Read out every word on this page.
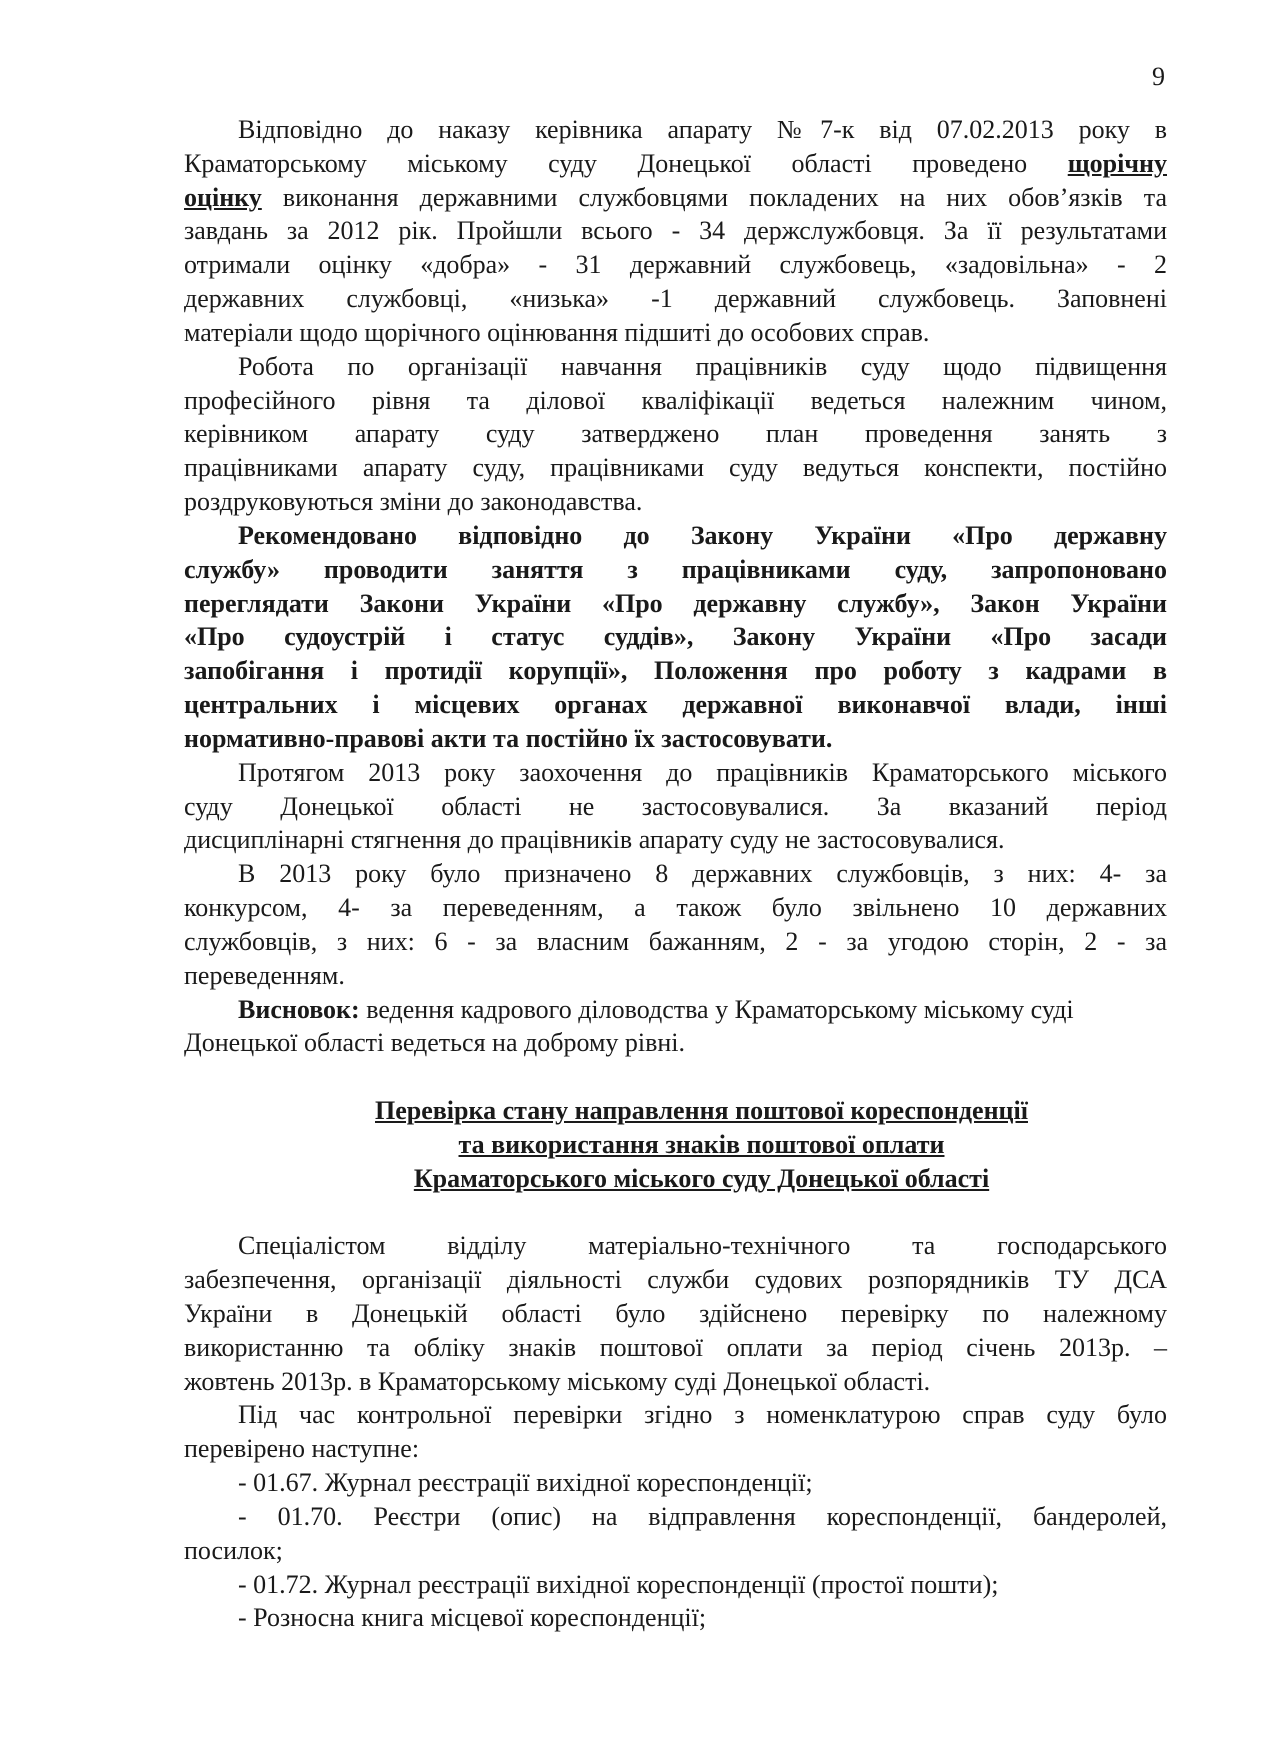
9
Відповідно до наказу керівника апарату №7-к від 07.02.2013 року в
Краматорському міському суду Донецької області проведено щорічну
оцінку виконання державними службовцями покладених на них обов’язків та
завдань за 2012 рік. Пройшли всього - 34 держслужбовця. За її результатами
отримали оцінку «добра» - 31 державний службовець, «задовільна» - 2
державних службовці, «низька» -1 державний службовець. Заповнені
матеріали щодо щорічного оцінювання підшиті до особових справ.
Робота по організації навчання працівників суду щодо підвищення
професійного рівня та ділової кваліфікації ведеться належним чином,
керівником апарату суду затверджено план проведення занять з
працівниками апарату суду, працівниками суду ведуться конспекти, постійно
роздруковуються зміни до законодавства.
Рекомендовано відповідно до Закону України «Про державну
службу» проводити заняття з працівниками суду, запропоновано
переглядати Закони України «Про державну службу», Закон України
«Про судоустрій і статус суддів», Закону України «Про засади
запобігання і протидії корупції», Положення про роботу з кадрами в
центральних і місцевих органах державної виконавчої влади, інші
нормативно-правові акти та постійно їх застосовувати.
Протягом 2013 року заохочення до працівників Краматорського міського
суду Донецької області не застосовувалися. За вказаний період
дисциплінарні стягнення до працівників апарату суду не застосовувалися.
В 2013 року було призначено 8 державних службовців, з них: 4- за
конкурсом, 4- за переведенням, а також було звільнено 10 державних
службовців, з них: 6 - за власним бажанням, 2 - за угодою сторін, 2 - за
переведенням.
Висновок: ведення кадрового діловодства у Краматорському міському суді
Донецької області ведеться на доброму рівні.
Перевірка стану направлення поштової кореспонденції
та використання знаків поштової оплати
Краматорського міського суду Донецької області
Спеціалістом відділу матеріально-технічного та господарського
забезпечення, організації діяльності служби судових розпорядників ТУ ДСА
України в Донецькій області було здійснено перевірку по належному
використанню та обліку знаків поштової оплати за період січень 2013р. –
жовтень 2013р. в Краматорському міському суді Донецької області.
Під час контрольної перевірки згідно з номенклатурою справ суду було
перевірено наступне:
- 01.67. Журнал реєстрації вихідної кореспонденції;
- 01.70. Реєстри (опис) на відправлення кореспонденції, бандеролей,
посилок;
- 01.72. Журнал реєстрації вихідної кореспонденції (простої пошти);
- Розносна книга місцевої кореспонденції;
